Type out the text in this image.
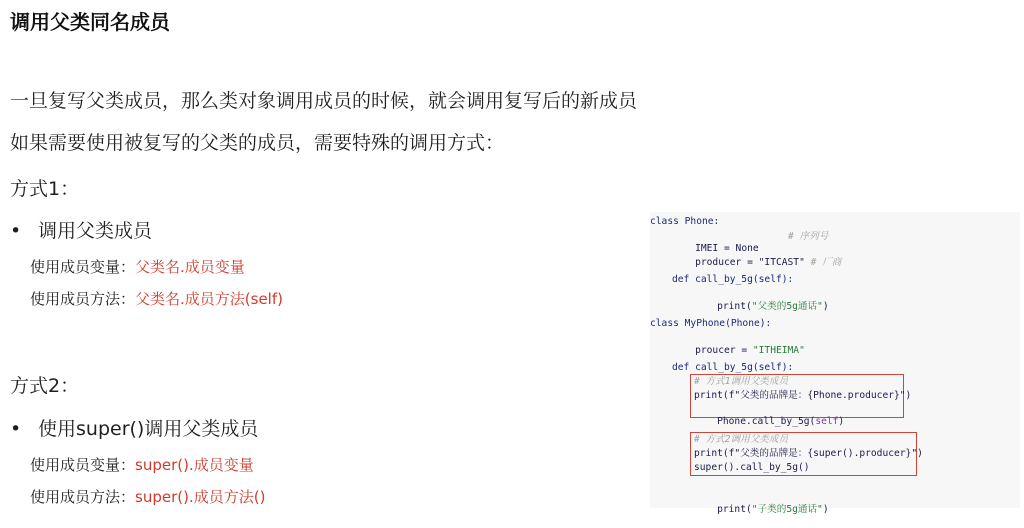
调用父类同名成员
一旦复写父类成员，那么类对象调用成员的时候，就会调用复写后的新成员
如果需要使用被复写的父类的成员，需要特殊的调用方式：
方式1：
• 调用父类成员
使用成员变量：父类名.成员变量
使用成员方法：父类名.成员方法(self)
方式2：
• 使用super()调用父类成员
使用成员变量：super().成员变量
使用成员方法：super().成员方法()
class Phone:

IMEI = None

# 序列号

producer = "ITCAST" # 厂商

def call_by_5g(self):

print("父类的5g通话")

class MyPhone(Phone):

proucer = "ITHEIMA"

def call_by_5g(self):
# 方式1调用父类成员
print(f"父类的品牌是：{Phone.producer}")

Phone.call_by_5g(self)

# 方式2调用父类成员
print(f"父类的品牌是：{super().producer}")
super().call_by_5g()

print("子类的5g通话")
